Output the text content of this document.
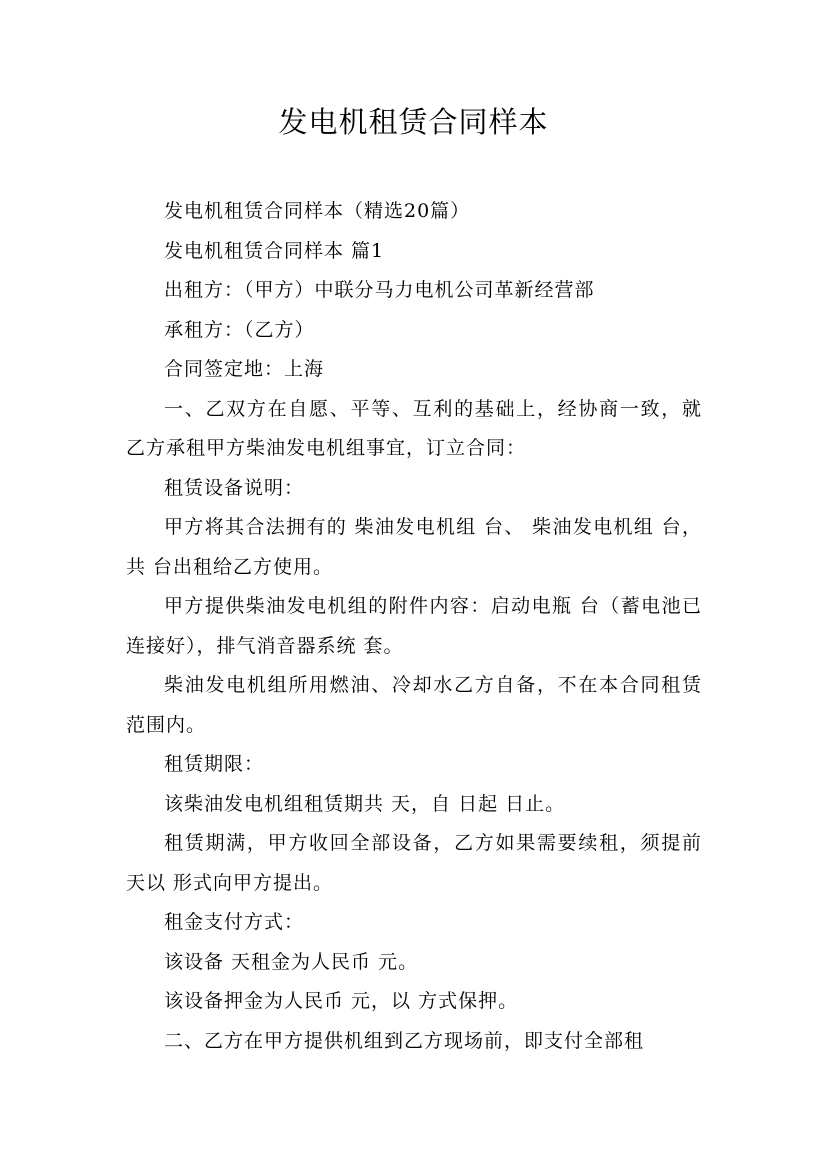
发电机租赁合同样本

发电机租赁合同样本（精选20篇）

发电机租赁合同样本 篇1

出租方：（甲方）中联分马力电机公司革新经营部

承租方：（乙方）

合同签定地：上海

一、乙双方在自愿、平等、互利的基础上，经协商一致，就乙方承租甲方柴油发电机组事宜，订立合同：

租赁设备说明：

甲方将其合法拥有的 柴油发电机组 台、 柴油发电机组 台，共 台出租给乙方使用。

甲方提供柴油发电机组的附件内容：启动电瓶 台（蓄电池已连接好），排气消音器系统 套。

柴油发电机组所用燃油、冷却水乙方自备，不在本合同租赁范围内。

租赁期限：

该柴油发电机组租赁期共 天，自 日起 日止。

租赁期满，甲方收回全部设备，乙方如果需要续租，须提前 天以 形式向甲方提出。

租金支付方式：

该设备 天租金为人民币 元。

该设备押金为人民币 元，以 方式保押。

二、乙方在甲方提供机组到乙方现场前，即支付全部租
